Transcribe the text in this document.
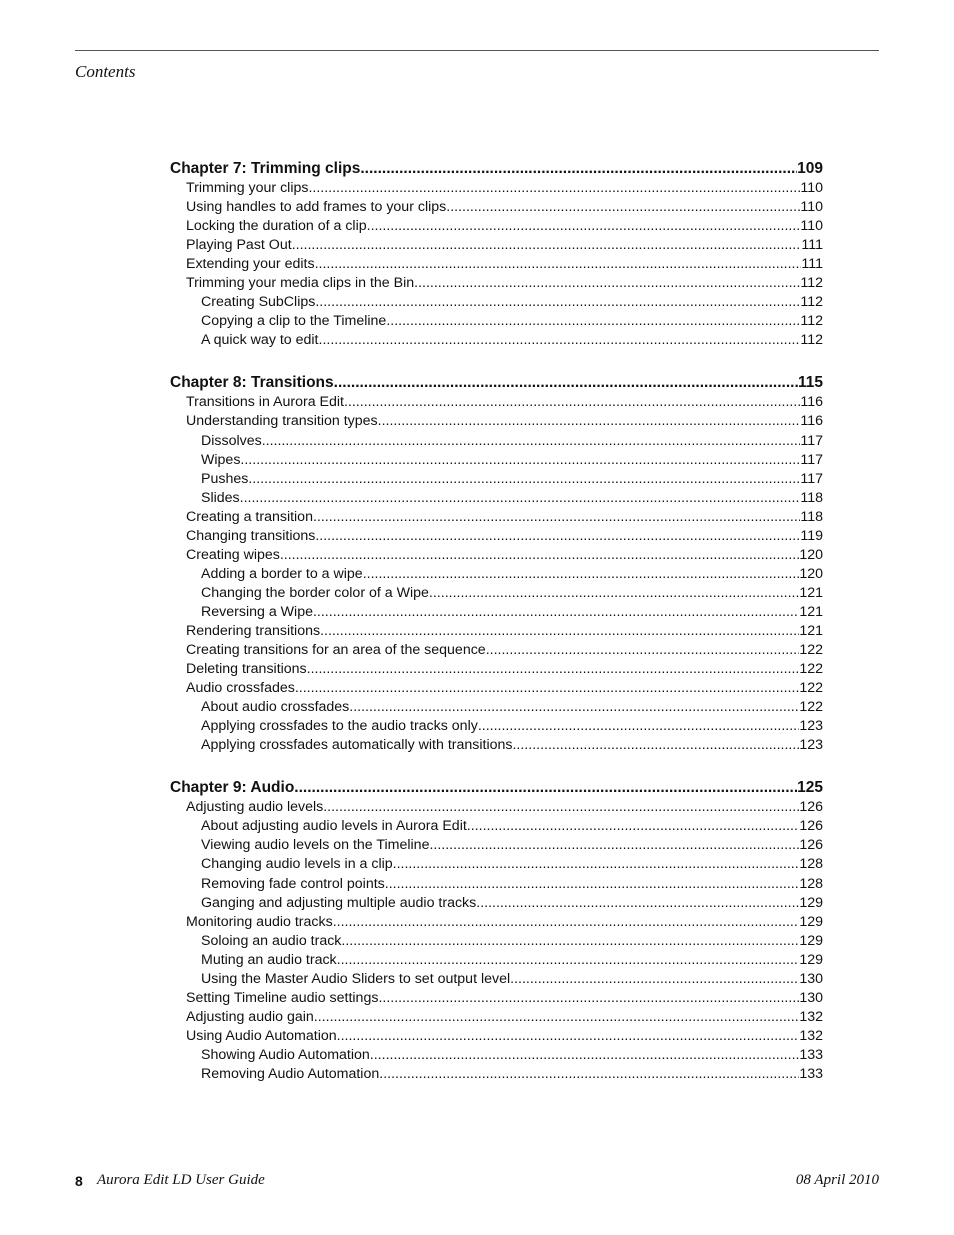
Contents
Chapter 7: Trimming clips .....	109
Trimming your clips .....	110
Using handles to add frames to your clips .....	110
Locking the duration of a clip .....	110
Playing Past Out .....	111
Extending your edits .....	111
Trimming your media clips in the Bin .....	112
Creating SubClips .....	112
Copying a clip to the Timeline .....	112
A quick way to edit .....	112
Chapter 8: Transitions .....	115
Transitions in Aurora Edit .....	116
Understanding transition types .....	116
Dissolves .....	117
Wipes .....	117
Pushes .....	117
Slides .....	118
Creating a transition .....	118
Changing transitions .....	119
Creating wipes .....	120
Adding a border to a wipe .....	120
Changing the border color of a Wipe .....	121
Reversing a Wipe .....	121
Rendering transitions .....	121
Creating transitions for an area of the sequence .....	122
Deleting transitions .....	122
Audio crossfades .....	122
About audio crossfades .....	122
Applying crossfades to the audio tracks only .....	123
Applying crossfades automatically with transitions .....	123
Chapter 9: Audio .....	125
Adjusting audio levels .....	126
About adjusting audio levels in Aurora Edit .....	126
Viewing audio levels on the Timeline .....	126
Changing audio levels in a clip .....	128
Removing fade control points .....	128
Ganging and adjusting multiple audio tracks .....	129
Monitoring audio tracks .....	129
Soloing an audio track .....	129
Muting an audio track .....	129
Using the Master Audio Sliders to set output level .....	130
Setting Timeline audio settings .....	130
Adjusting audio gain .....	132
Using Audio Automation .....	132
Showing Audio Automation .....	133
Removing Audio Automation .....	133
8 Aurora Edit LD User Guide	08 April 2010
